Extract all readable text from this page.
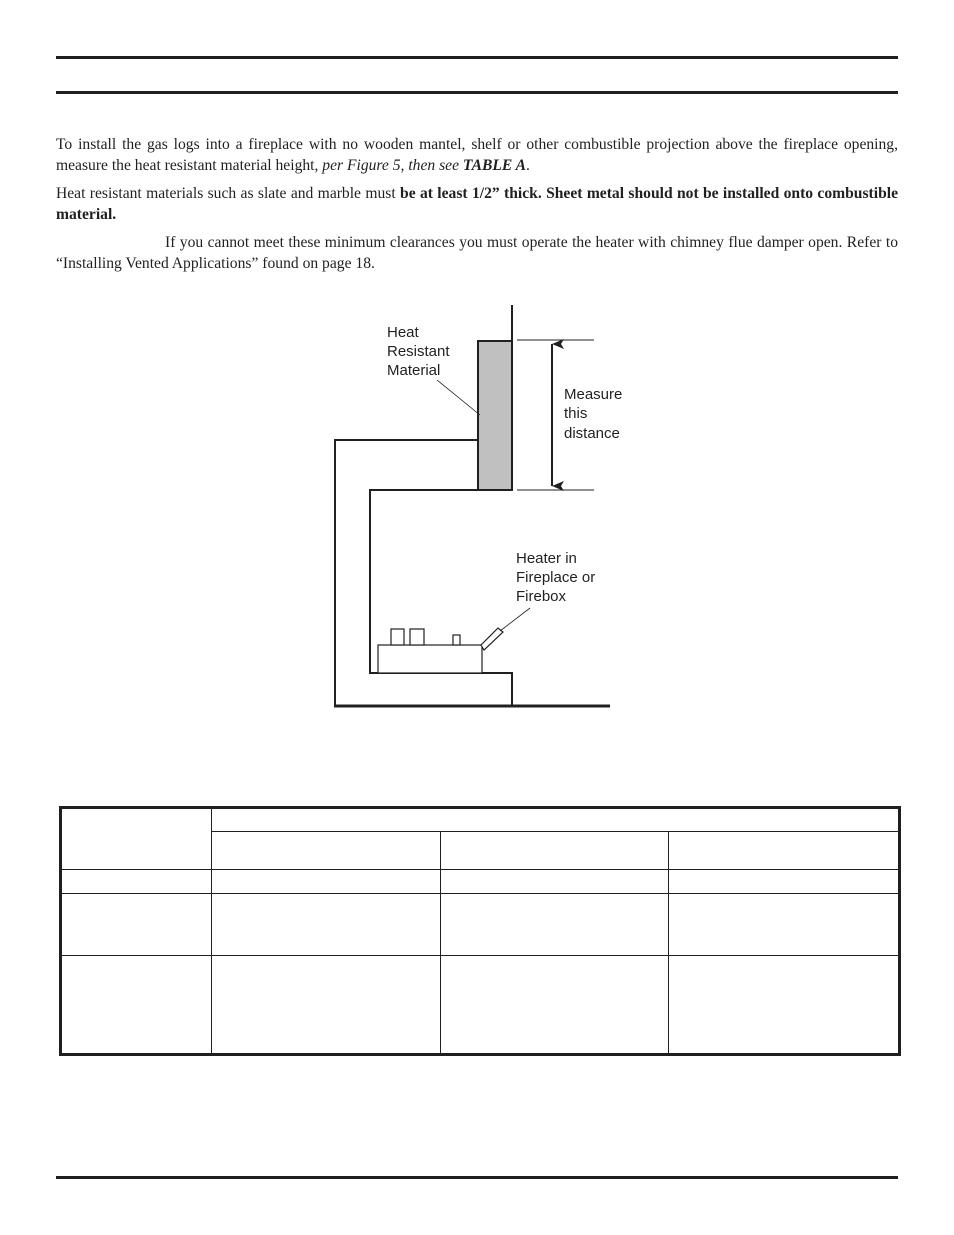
To install the gas logs into a fireplace with no wooden mantel, shelf or other combustible projection above the fireplace opening, measure the heat resistant material height, per Figure 5, then see TABLE A.

Heat resistant materials such as slate and marble must be at least 1/2” thick. Sheet metal should not be installed onto combustible material.

If you cannot meet these minimum clearances you must operate the heater with chimney flue damper open. Refer to “Installing Vented Applications” found on page 18.

Heat Resistant Material
Measure this distance
Heater in Fireplace or Firebox
